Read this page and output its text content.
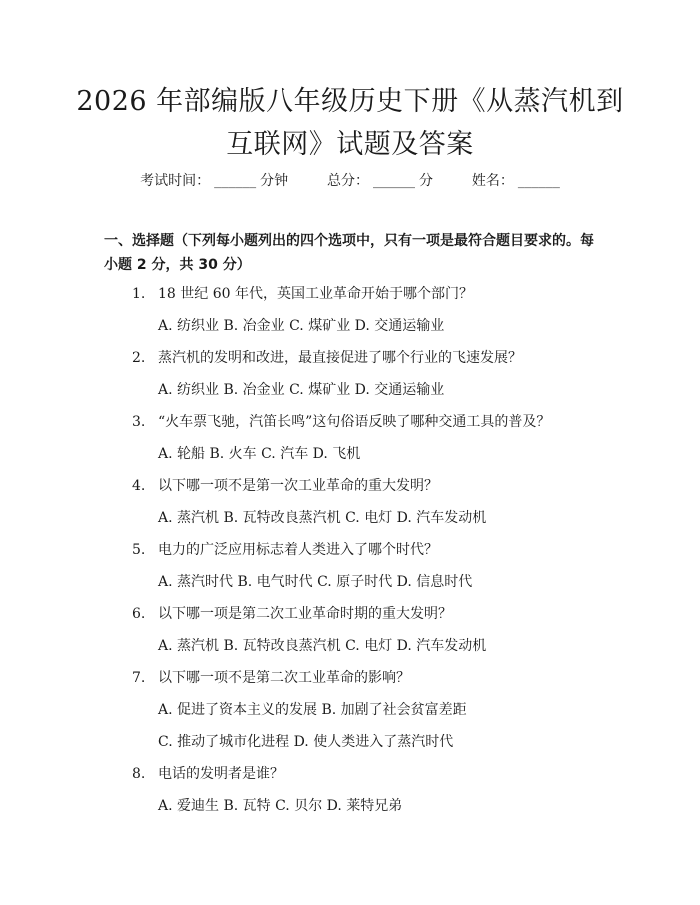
2026 年部编版八年级历史下册《从蒸汽机到
互联网》试题及答案
考试时间： ______ 分钟	总分： ______ 分	姓名： ______
一、选择题（下列每小题列出的四个选项中，只有一项是最符合题目要求的。每小题 2 分，共 30 分）
1. 18 世纪 60 年代，英国工业革命开始于哪个部门？
A. 纺织业 B. 冶金业 C. 煤矿业 D. 交通运输业
2. 蒸汽机的发明和改进，最直接促进了哪个行业的飞速发展？
A. 纺织业 B. 冶金业 C. 煤矿业 D. 交通运输业
3. “火车票飞驰，汽笛长鸣”这句俗语反映了哪种交通工具的普及？
A. 轮船 B. 火车 C. 汽车 D. 飞机
4. 以下哪一项不是第一次工业革命的重大发明？
A. 蒸汽机 B. 瓦特改良蒸汽机 C. 电灯 D. 汽车发动机
5. 电力的广泛应用标志着人类进入了哪个时代？
A. 蒸汽时代 B. 电气时代 C. 原子时代 D. 信息时代
6. 以下哪一项是第二次工业革命时期的重大发明？
A. 蒸汽机 B. 瓦特改良蒸汽机 C. 电灯 D. 汽车发动机
7. 以下哪一项不是第二次工业革命的影响？
A. 促进了资本主义的发展 B. 加剧了社会贫富差距
C. 推动了城市化进程 D. 使人类进入了蒸汽时代
8. 电话的发明者是谁？
A. 爱迪生 B. 瓦特 C. 贝尔 D. 莱特兄弟
